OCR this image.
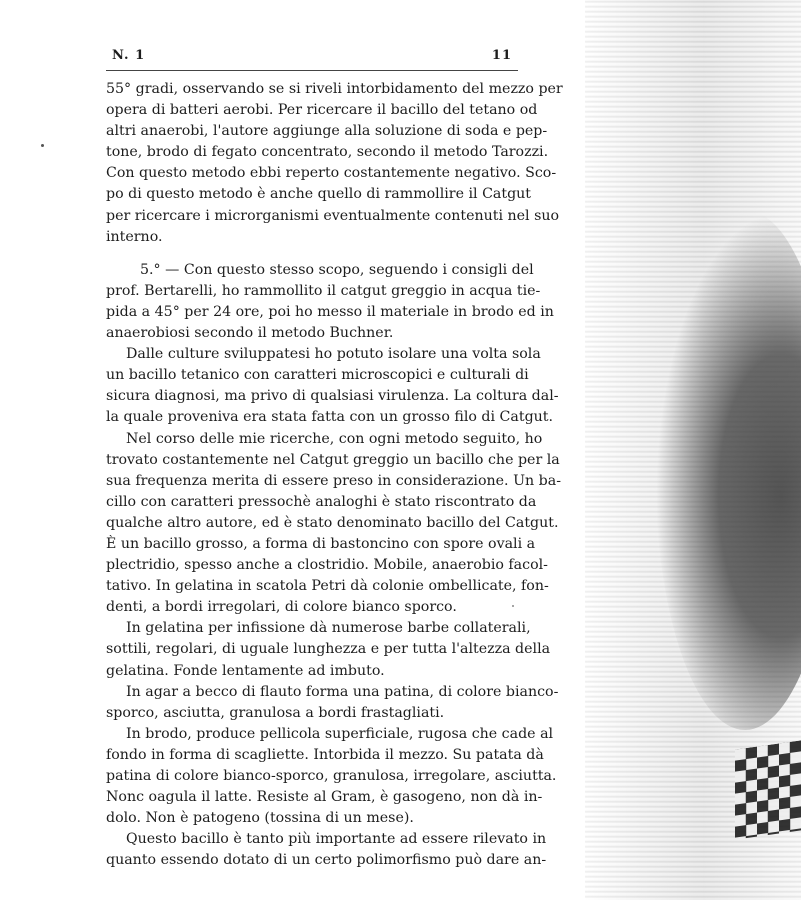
N. 1	11
55° gradi, osservando se si riveli intorbidamento del mezzo per
opera di batteri aerobi. Per ricercare il bacillo del tetano od
altri anaerobi, l'autore aggiunge alla soluzione di soda e pep-
tone, brodo di fegato concentrato, secondo il metodo Tarozzi.
Con questo metodo ebbi reperto costantemente negativo. Sco-
po di questo metodo è anche quello di rammollire il Catgut
per ricercare i microrganismi eventualmente contenuti nel suo
interno.
5.° — Con questo stesso scopo, seguendo i consigli del
prof. Bertarelli, ho rammollito il catgut greggio in acqua tie-
pida a 45° per 24 ore, poi ho messo il materiale in brodo ed in
anaerobiosi secondo il metodo Buchner.
Dalle culture sviluppatesi ho potuto isolare una volta sola
un bacillo tetanico con caratteri microscopici e culturali di
sicura diagnosi, ma privo di qualsiasi virulenza. La coltura dal-
la quale proveniva era stata fatta con un grosso filo di Catgut.
Nel corso delle mie ricerche, con ogni metodo seguito, ho
trovato costantemente nel Catgut greggio un bacillo che per la
sua frequenza merita di essere preso in considerazione. Un ba-
cillo con caratteri pressochè analoghi è stato riscontrato da
qualche altro autore, ed è stato denominato bacillo del Catgut.
È un bacillo grosso, a forma di bastoncino con spore ovali a
plectridio, spesso anche a clostridio. Mobile, anaerobio facol-
tativo. In gelatina in scatola Petri dà colonie ombellicate, fon-
denti, a bordi irregolari, di colore bianco sporco.
In gelatina per infissione dà numerose barbe collaterali,
sottili, regolari, di uguale lunghezza e per tutta l'altezza della
gelatina. Fonde lentamente ad imbuto.
In agar a becco di flauto forma una patina, di colore bianco-
sporco, asciutta, granulosa a bordi frastagliati.
In brodo, produce pellicola superficiale, rugosa che cade al
fondo in forma di scagliette. Intorbida il mezzo. Su patata dà
patina di colore bianco-sporco, granulosa, irregolare, asciutta.
Nonc oagula il latte. Resiste al Gram, è gasogeno, non dà in-
dolo. Non è patogeno (tossina di un mese).
Questo bacillo è tanto più importante ad essere rilevato in
quanto essendo dotato di un certo polimorfismo può dare an-
